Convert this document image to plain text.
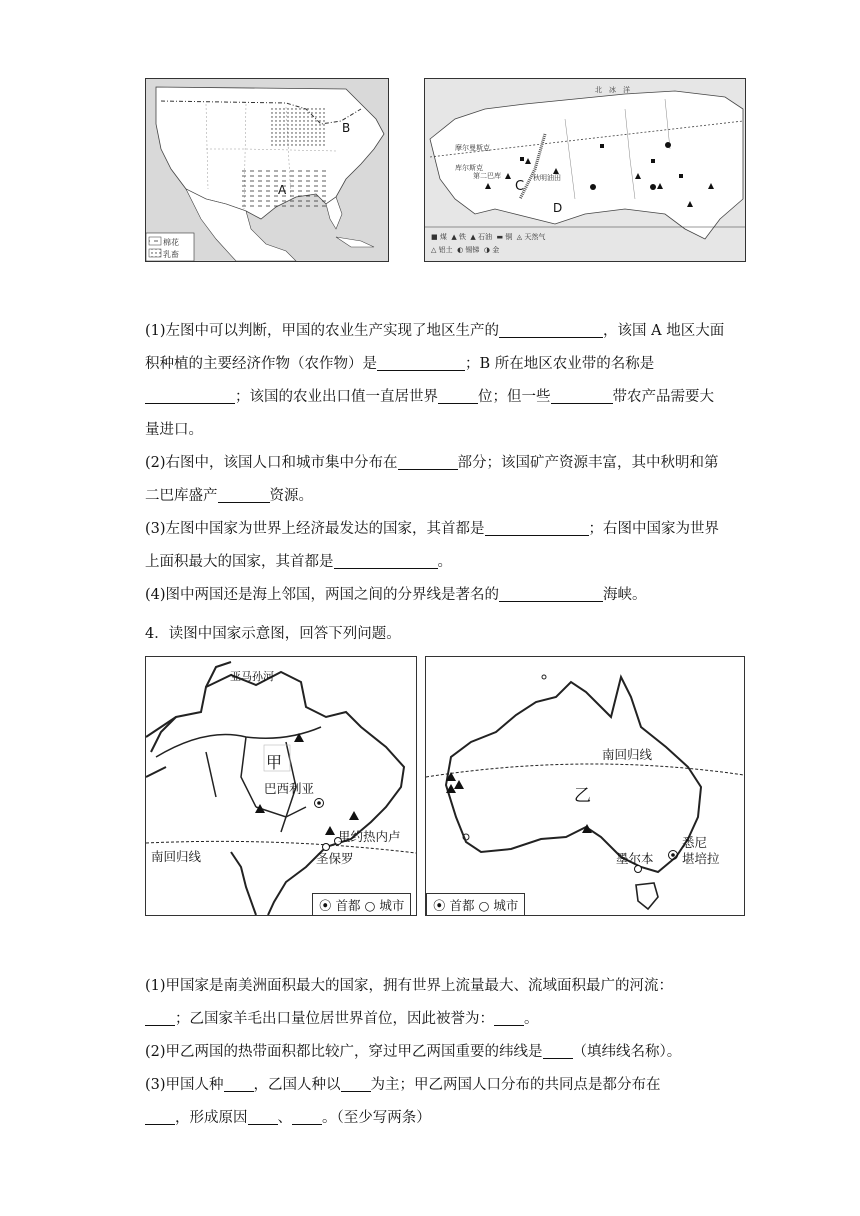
A
B
棉花
乳畜
北　冰　洋
C
D
摩尔曼斯克
库尔斯克
第二巴库	秋明油田
■ 煤 ▲ 铁 ▲ 石油 ▬ 铜 ◬ 天然气
△ 铝土 ◐ 锡锑 ◑ 金

(1)左图中可以判断，甲国的农业生产实现了地区生产的	，该国 A 地区大面积种植的主要经济作物（农作物）是	；B 所在地区农业带的名称是；该国的农业出口值一直居世界	位；但一些	带农产品需要大量进口。

(2)右图中，该国人口和城市集中分布在	部分；该国矿产资源丰富，其中秋明和第二巴库盛产	资源。

(3)左图中国家为世界上经济最发达的国家，其首都是	；右图中国家为世界上面积最大的国家，其首都是	。

(4)图中两国还是海上邻国，两国之间的分界线是著名的	海峡。

4．读图中国家示意图，回答下列问题。
亚马孙河
甲
巴西利亚
里约热内卢
圣保罗
南回归线
⦿ 首都 ○ 城市
南回归线
乙
墨尔本
悉尼
堪培拉
⦿ 首都 ○ 城市

(1)甲国家是南美洲面积最大的国家，拥有世界上流量最大、流域面积最广的河流：

；乙国家羊毛出口量位居世界首位，因此被誉为： 。

(2)甲乙两国的热带面积都比较广，穿过甲乙两国重要的纬线是 （填纬线名称）。

(3)甲国人种 ，乙国人种以 为主；甲乙两国人口分布的共同点是都分布在

，形成原因 、 。（至少写两条）
